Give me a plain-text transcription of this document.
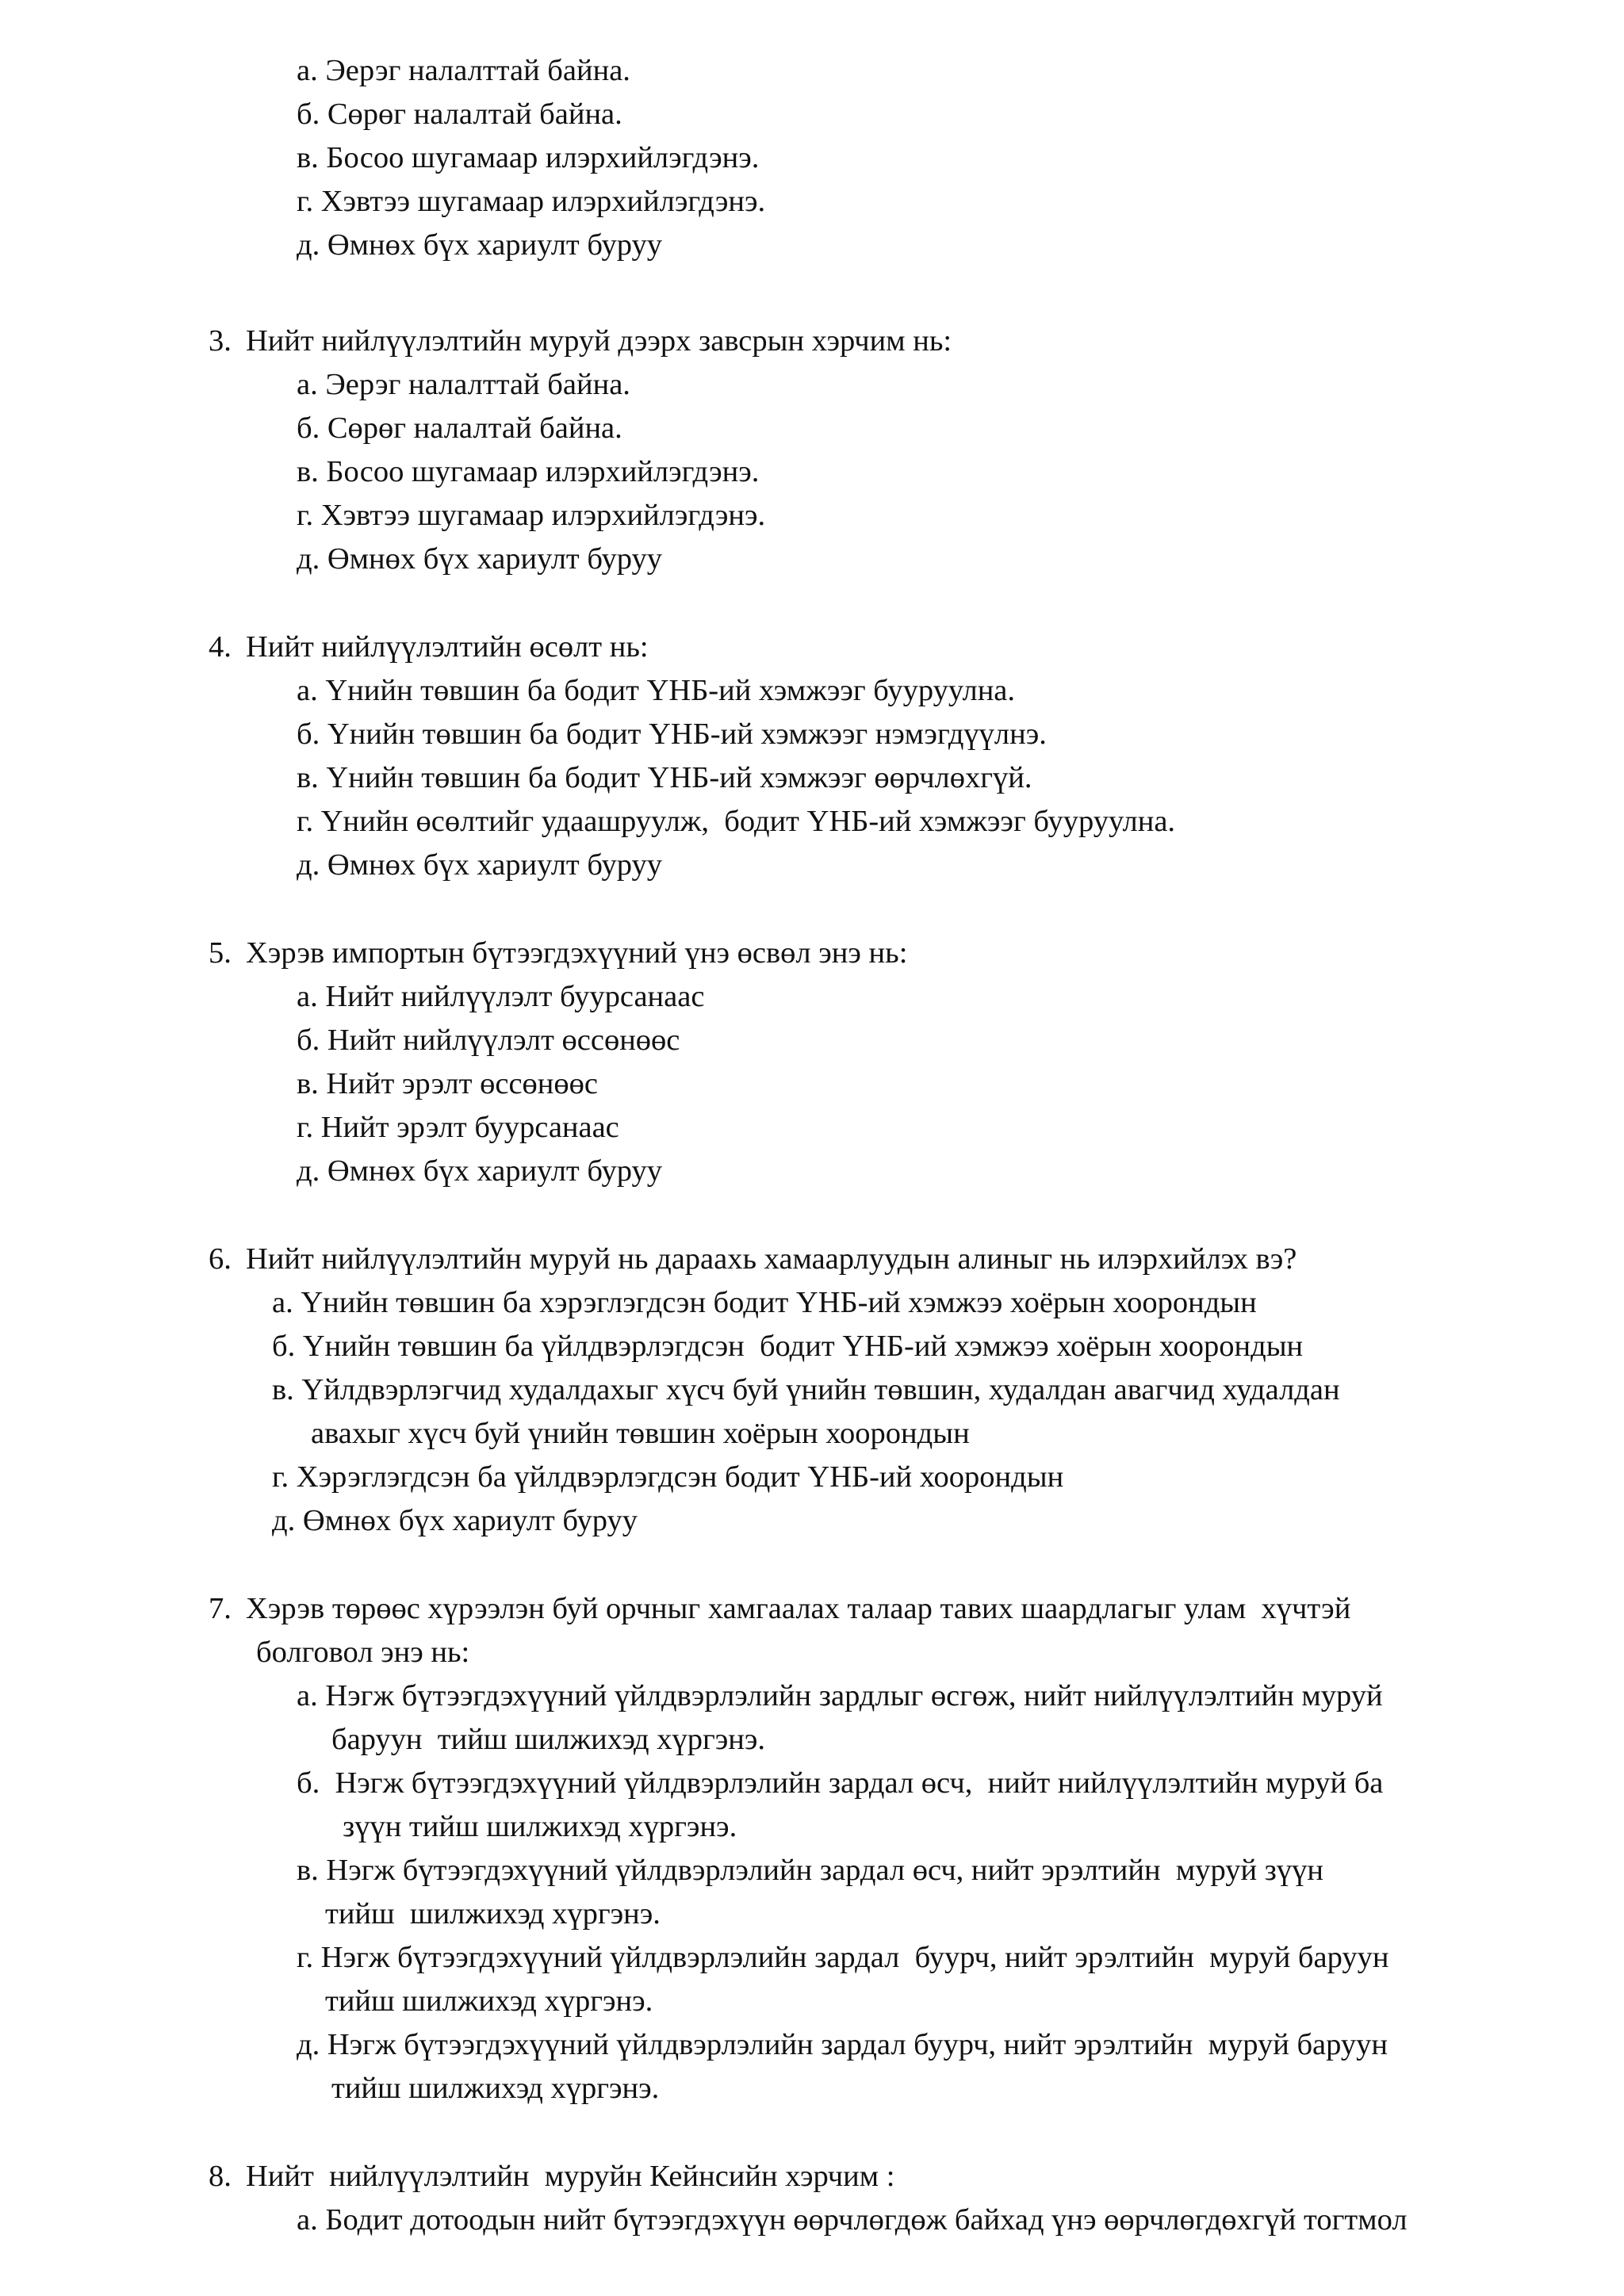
а. Эерэг налалттай байна.
б. Сөрөг налалтай байна.
в. Босоо шугамаар илэрхийлэгдэнэ.
г. Хэвтээ шугамаар илэрхийлэгдэнэ.
д. Өмнөх бүх хариулт буруу
3. Нийт нийлүүлэлтийн муруй дээрх завсрын хэрчим нь:
а. Эерэг налалттай байна.
б. Сөрөг налалтай байна.
в. Босоо шугамаар илэрхийлэгдэнэ.
г. Хэвтээ шугамаар илэрхийлэгдэнэ.
д. Өмнөх бүх хариулт буруу
4. Нийт нийлүүлэлтийн өсөлт нь:
а. Үнийн төвшин ба бодит ҮНБ-ий хэмжээг бууруулна.
б. Үнийн төвшин ба бодит ҮНБ-ий хэмжээг нэмэгдүүлнэ.
в. Үнийн төвшин ба бодит ҮНБ-ий хэмжээг өөрчлөхгүй.
г. Үнийн өсөлтийг удаашруулж,  бодит ҮНБ-ий хэмжээг бууруулна.
д. Өмнөх бүх хариулт буруу
5. Хэрэв импортын бүтээгдэхүүний үнэ өсвөл энэ нь:
а. Нийт нийлүүлэлт буурсанаас
б. Нийт нийлүүлэлт өссөнөөс
в. Нийт эрэлт өссөнөөс
г. Нийт эрэлт буурсанаас
д. Өмнөх бүх хариулт буруу
6. Нийт нийлүүлэлтийн муруй нь дараахь хамаарлуудын алиныг нь илэрхийлэх вэ?
а. Үнийн төвшин ба хэрэглэгдсэн бодит ҮНБ-ий хэмжээ хоёрын хоорондын
б. Үнийн төвшин ба үйлдвэрлэгдсэн  бодит ҮНБ-ий хэмжээ хоёрын хоорондын
в. Үйлдвэрлэгчид худалдахыг хүсч буй үнийн төвшин, худалдан авагчид худалдан
авахыг хүсч буй үнийн төвшин хоёрын хоорондын
г. Хэрэглэгдсэн ба үйлдвэрлэгдсэн бодит ҮНБ-ий хоорондын
д. Өмнөх бүх хариулт буруу
7. Хэрэв төрөөс хүрээлэн буй орчныг хамгаалах талаар тавих шаардлагыг улам  хүчтэй
болговол энэ нь:
а. Нэгж бүтээгдэхүүний үйлдвэрлэлийн зардлыг өсгөж, нийт нийлүүлэлтийн муруй
баруун  тийш шилжихэд хүргэнэ.
б.  Нэгж бүтээгдэхүүний үйлдвэрлэлийн зардал өсч,  нийт нийлүүлэлтийн муруй ба
зүүн тийш шилжихэд хүргэнэ.
в. Нэгж бүтээгдэхүүний үйлдвэрлэлийн зардал өсч, нийт эрэлтийн  муруй зүүн
тийш  шилжихэд хүргэнэ.
г. Нэгж бүтээгдэхүүний үйлдвэрлэлийн зардал  буурч, нийт эрэлтийн  муруй баруун
тийш шилжихэд хүргэнэ.
д. Нэгж бүтээгдэхүүний үйлдвэрлэлийн зардал буурч, нийт эрэлтийн  муруй баруун
тийш шилжихэд хүргэнэ.
8. Нийт  нийлүүлэлтийн  муруйн Кейнсийн хэрчим :
а. Бодит дотоодын нийт бүтээгдэхүүн өөрчлөгдөж байхад үнэ өөрчлөгдөхгүй тогтмол
